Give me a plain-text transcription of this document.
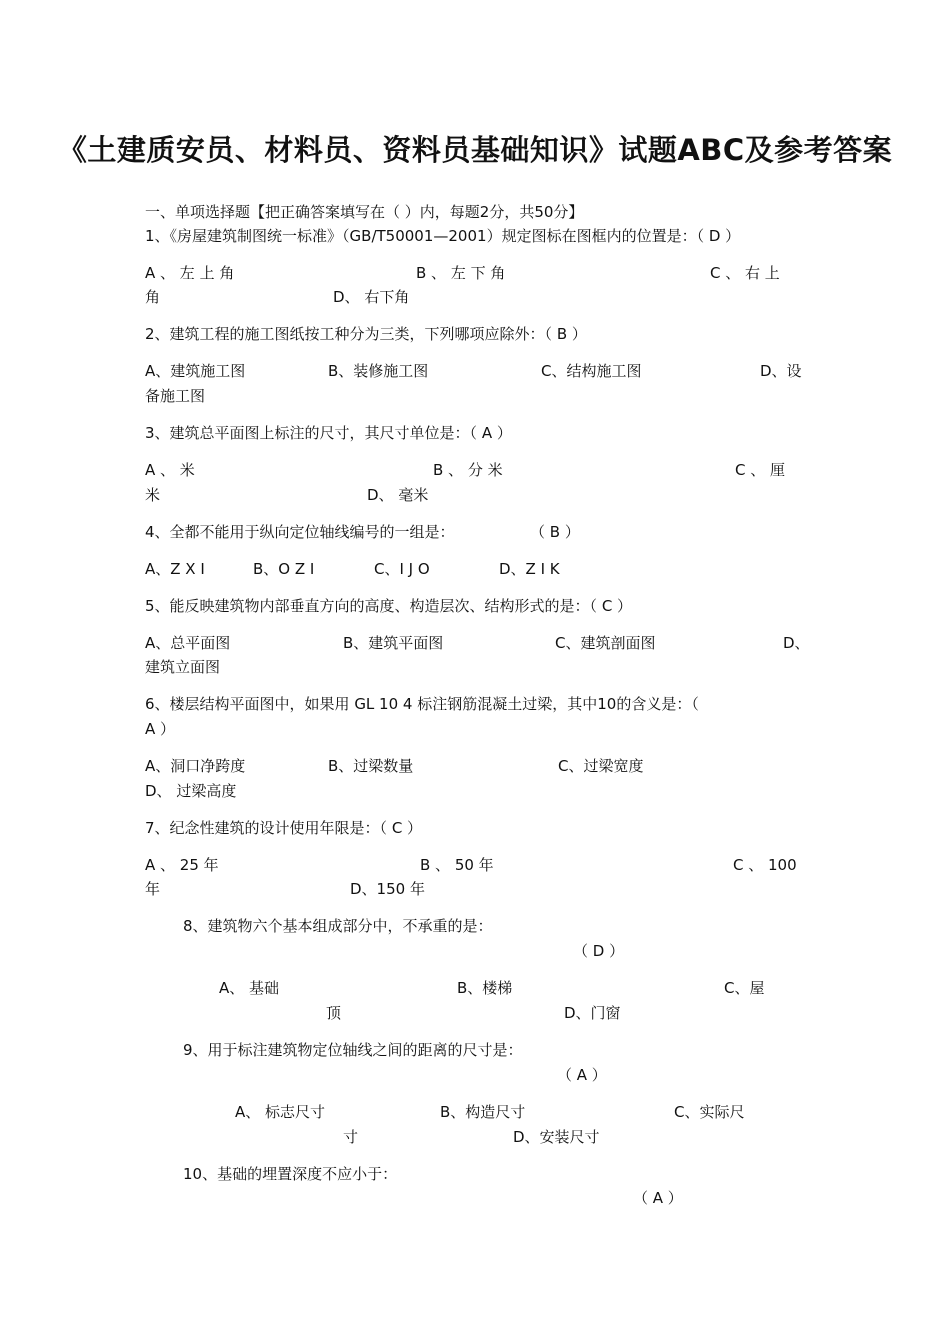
《土建质安员、材料员、资料员基础知识》试题ABC及参考答案
一、单项选择题【把正确答案填写在（ ）内，每题2分，共50分】
1、《房屋建筑制图统一标准》（GB/T50001—2001）规定图标在图框内的位置是：（ D ）
A 、 左 上 角	B 、 左 下 角	C 、 右 上
角	D、 右下角
2、建筑工程的施工图纸按工种分为三类，下列哪项应除外：（ B ）
A、建筑施工图	B、装修施工图	C、结构施工图	D、设
备施工图
3、建筑总平面图上标注的尺寸，其尺寸单位是：（ A ）
A 、 米	B 、 分 米	C 、 厘
米	D、 毫米
4、全都不能用于纵向定位轴线编号的一组是：	（ B ）
A、Z X I	B、O Z I	C、I J O	D、Z I K
5、能反映建筑物内部垂直方向的高度、构造层次、结构形式的是：（ C ）
A、总平面图	B、建筑平面图	C、建筑剖面图	D、
建筑立面图
6、楼层结构平面图中，如果用 GL 10 4 标注钢筋混凝土过梁，其中10的含义是：（
A ）
A、洞口净跨度	B、过梁数量	C、过梁宽度
D、 过梁高度
7、纪念性建筑的设计使用年限是：（ C ）
A 、 25 年	B 、 50 年	C 、 100
年	D、150 年
8、建筑物六个基本组成部分中，不承重的是：
（ D ）
A、 基础	B、楼梯	C、屋
顶	D、门窗
9、用于标注建筑物定位轴线之间的距离的尺寸是：
（ A ）
A、 标志尺寸	B、构造尺寸	C、实际尺
寸	D、安装尺寸
10、基础的埋置深度不应小于：
（ A ）
